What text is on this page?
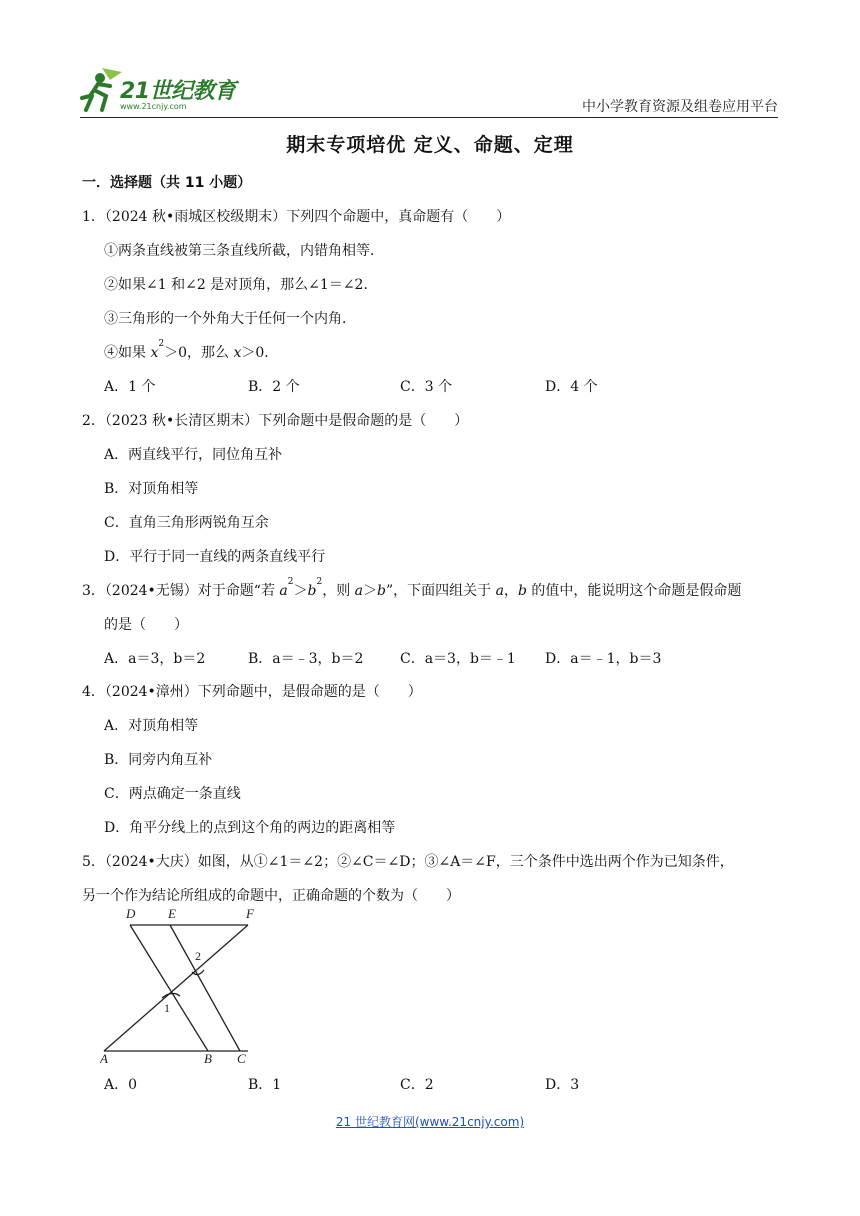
21世纪教育
www.21cnjy.com	中小学教育资源及组卷应用平台
期末专项培优 定义、命题、定理
一．选择题（共 11 小题）
1．（2024 秋•雨城区校级期末）下列四个命题中，真命题有（　　）
①两条直线被第三条直线所截，内错角相等．
②如果∠1 和∠2 是对顶角，那么∠1＝∠2．
③三角形的一个外角大于任何一个内角．
④如果 $x^2>0$，那么 x＞0．
A．1 个	B．2 个	C．3 个	D．4 个
2．（2023 秋•长清区期末）下列命题中是假命题的是（　　）
A．两直线平行，同位角互补
B．对顶角相等
C．直角三角形两锐角互余
D．平行于同一直线的两条直线平行
3．（2024•无锡）对于命题“若 $a^2>b^2$，则 a＞b”，下面四组关于 a，b 的值中，能说明这个命题是假命题
的是（　　）
A．a＝3，b＝2	B．a＝﹣3，b＝2	C．a＝3，b＝﹣1 D．a＝﹣1，b＝3
4．（2024•漳州）下列命题中，是假命题的是（　　）
A．对顶角相等
B．同旁内角互补
C．两点确定一条直线
D．角平分线上的点到这个角的两边的距离相等
5．（2024•大庆）如图，从①∠1＝∠2；②∠C＝∠D；③∠A＝∠F，三个条件中选出两个作为已知条件，
另一个作为结论所组成的命题中，正确命题的个数为（　　）
D	E	F
A	B C
1
2
A．0	B．1	C．2	D．3
21 世纪教育网(www.21cnjy.com)
